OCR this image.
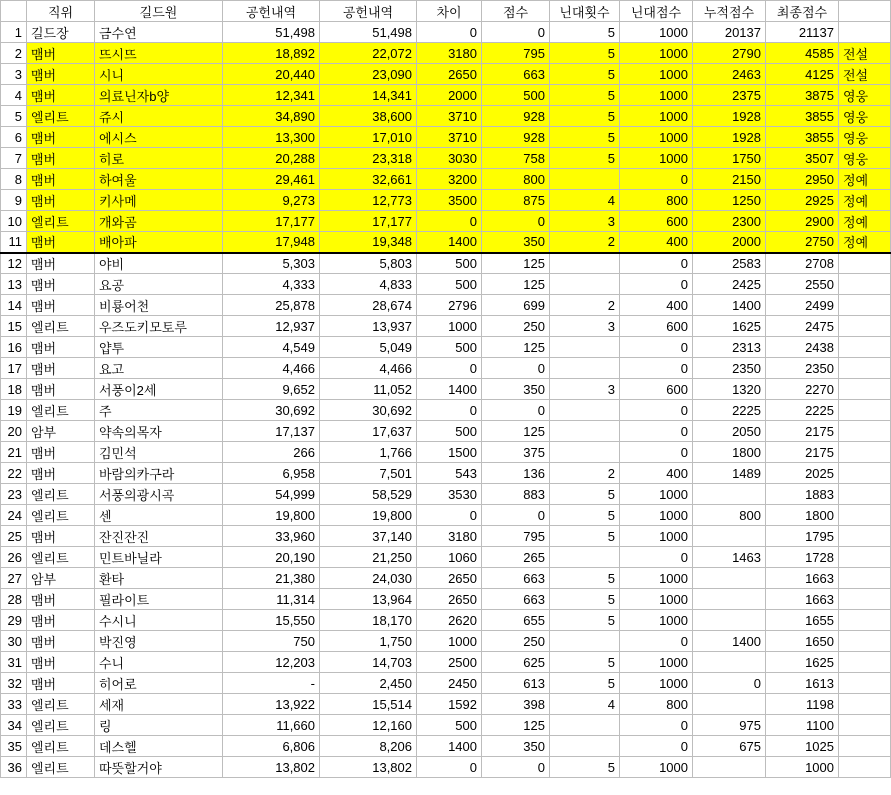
	직위	길드원	공헌내역	공헌내역	차이	점수	닌대횟수	닌대점수	누적점수	최종점수	
1	길드장	금수연	51,498	51,498	0	0	5	1000	20137	21137	
2	맴버	뜨시뜨	18,892	22,072	3180	795	5	1000	2790	4585	전설
3	맴버	시니	20,440	23,090	2650	663	5	1000	2463	4125	전설
4	맴버	의료닌자b양	12,341	14,341	2000	500	5	1000	2375	3875	영웅
5	엘리트	쥬시	34,890	38,600	3710	928	5	1000	1928	3855	영웅
6	맴버	에시스	13,300	17,010	3710	928	5	1000	1928	3855	영웅
7	맴버	히로	20,288	23,318	3030	758	5	1000	1750	3507	영웅
8	맴버	하여울	29,461	32,661	3200	800		0	2150	2950	정예
9	맴버	키사메	9,273	12,773	3500	875	4	800	1250	2925	정예
10	엘리트	개와곰	17,177	17,177	0	0	3	600	2300	2900	정예
11	맴버	배아파	17,948	19,348	1400	350	2	400	2000	2750	정예
12	맴버	야비	5,303	5,803	500	125		0	2583	2708	
13	맴버	요공	4,333	4,833	500	125		0	2425	2550	
14	맴버	비룡어천	25,878	28,674	2796	699	2	400	1400	2499	
15	엘리트	우즈도키모토루	12,937	13,937	1000	250	3	600	1625	2475	
16	맴버	얍투	4,549	5,049	500	125		0	2313	2438	
17	맴버	요고	4,466	4,466	0	0		0	2350	2350	
18	맴버	서풍이2세	9,652	11,052	1400	350	3	600	1320	2270	
19	엘리트	주	30,692	30,692	0	0		0	2225	2225	
20	암부	약속의목자	17,137	17,637	500	125		0	2050	2175	
21	맴버	김민석	266	1,766	1500	375		0	1800	2175	
22	맴버	바람의카구라	6,958	7,501	543	136	2	400	1489	2025	
23	엘리트	서풍의광시곡	54,999	58,529	3530	883	5	1000		1883	
24	엘리트	센	19,800	19,800	0	0	5	1000	800	1800	
25	맴버	잔진잔진	33,960	37,140	3180	795	5	1000		1795	
26	엘리트	민트바닐라	20,190	21,250	1060	265		0	1463	1728	
27	암부	환타	21,380	24,030	2650	663	5	1000		1663	
28	맴버	필라이트	11,314	13,964	2650	663	5	1000		1663	
29	맴버	수시니	15,550	18,170	2620	655	5	1000		1655	
30	맴버	박진영	750	1,750	1000	250		0	1400	1650	
31	맴버	수니	12,203	14,703	2500	625	5	1000		1625	
32	맴버	히어로	-	2,450	2450	613	5	1000	0	1613	
33	엘리트	세재	13,922	15,514	1592	398	4	800		1198	
34	엘리트	링	11,660	12,160	500	125		0	975	1100	
35	엘리트	데스헬	6,806	8,206	1400	350		0	675	1025	
36	엘리트	따뜻할거야	13,802	13,802	0	0	5	1000		1000	
